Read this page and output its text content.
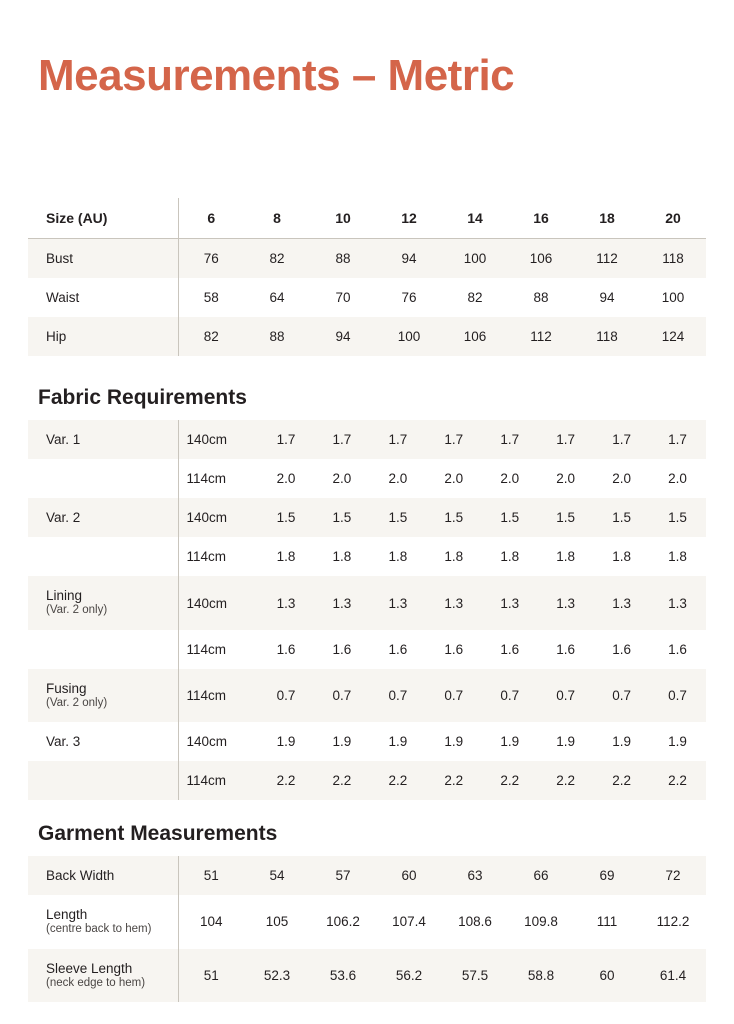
Measurements – Metric
Size (AU)	6	8	10	12	14	16	18	20
Bust	76	82	88	94	100	106	112	118
Waist	58	64	70	76	82	88	94	100
Hip	82	88	94	100	106	112	118	124
Fabric Requirements
Var. 1	140cm	1.7	1.7	1.7	1.7	1.7	1.7	1.7	1.7
	114cm	2.0	2.0	2.0	2.0	2.0	2.0	2.0	2.0
Var. 2	140cm	1.5	1.5	1.5	1.5	1.5	1.5	1.5	1.5
	114cm	1.8	1.8	1.8	1.8	1.8	1.8	1.8	1.8
Lining
(Var. 2 only)	140cm	1.3	1.3	1.3	1.3	1.3	1.3	1.3	1.3
	114cm	1.6	1.6	1.6	1.6	1.6	1.6	1.6	1.6
Fusing
(Var. 2 only)	114cm	0.7	0.7	0.7	0.7	0.7	0.7	0.7	0.7
Var. 3	140cm	1.9	1.9	1.9	1.9	1.9	1.9	1.9	1.9
	114cm	2.2	2.2	2.2	2.2	2.2	2.2	2.2	2.2
Garment Measurements
Back Width	51	54	57	60	63	66	69	72
Length
(centre back to hem)	104	105	106.2	107.4	108.6	109.8	111	112.2
Sleeve Length
(neck edge to hem)	51	52.3	53.6	56.2	57.5	58.8	60	61.4
